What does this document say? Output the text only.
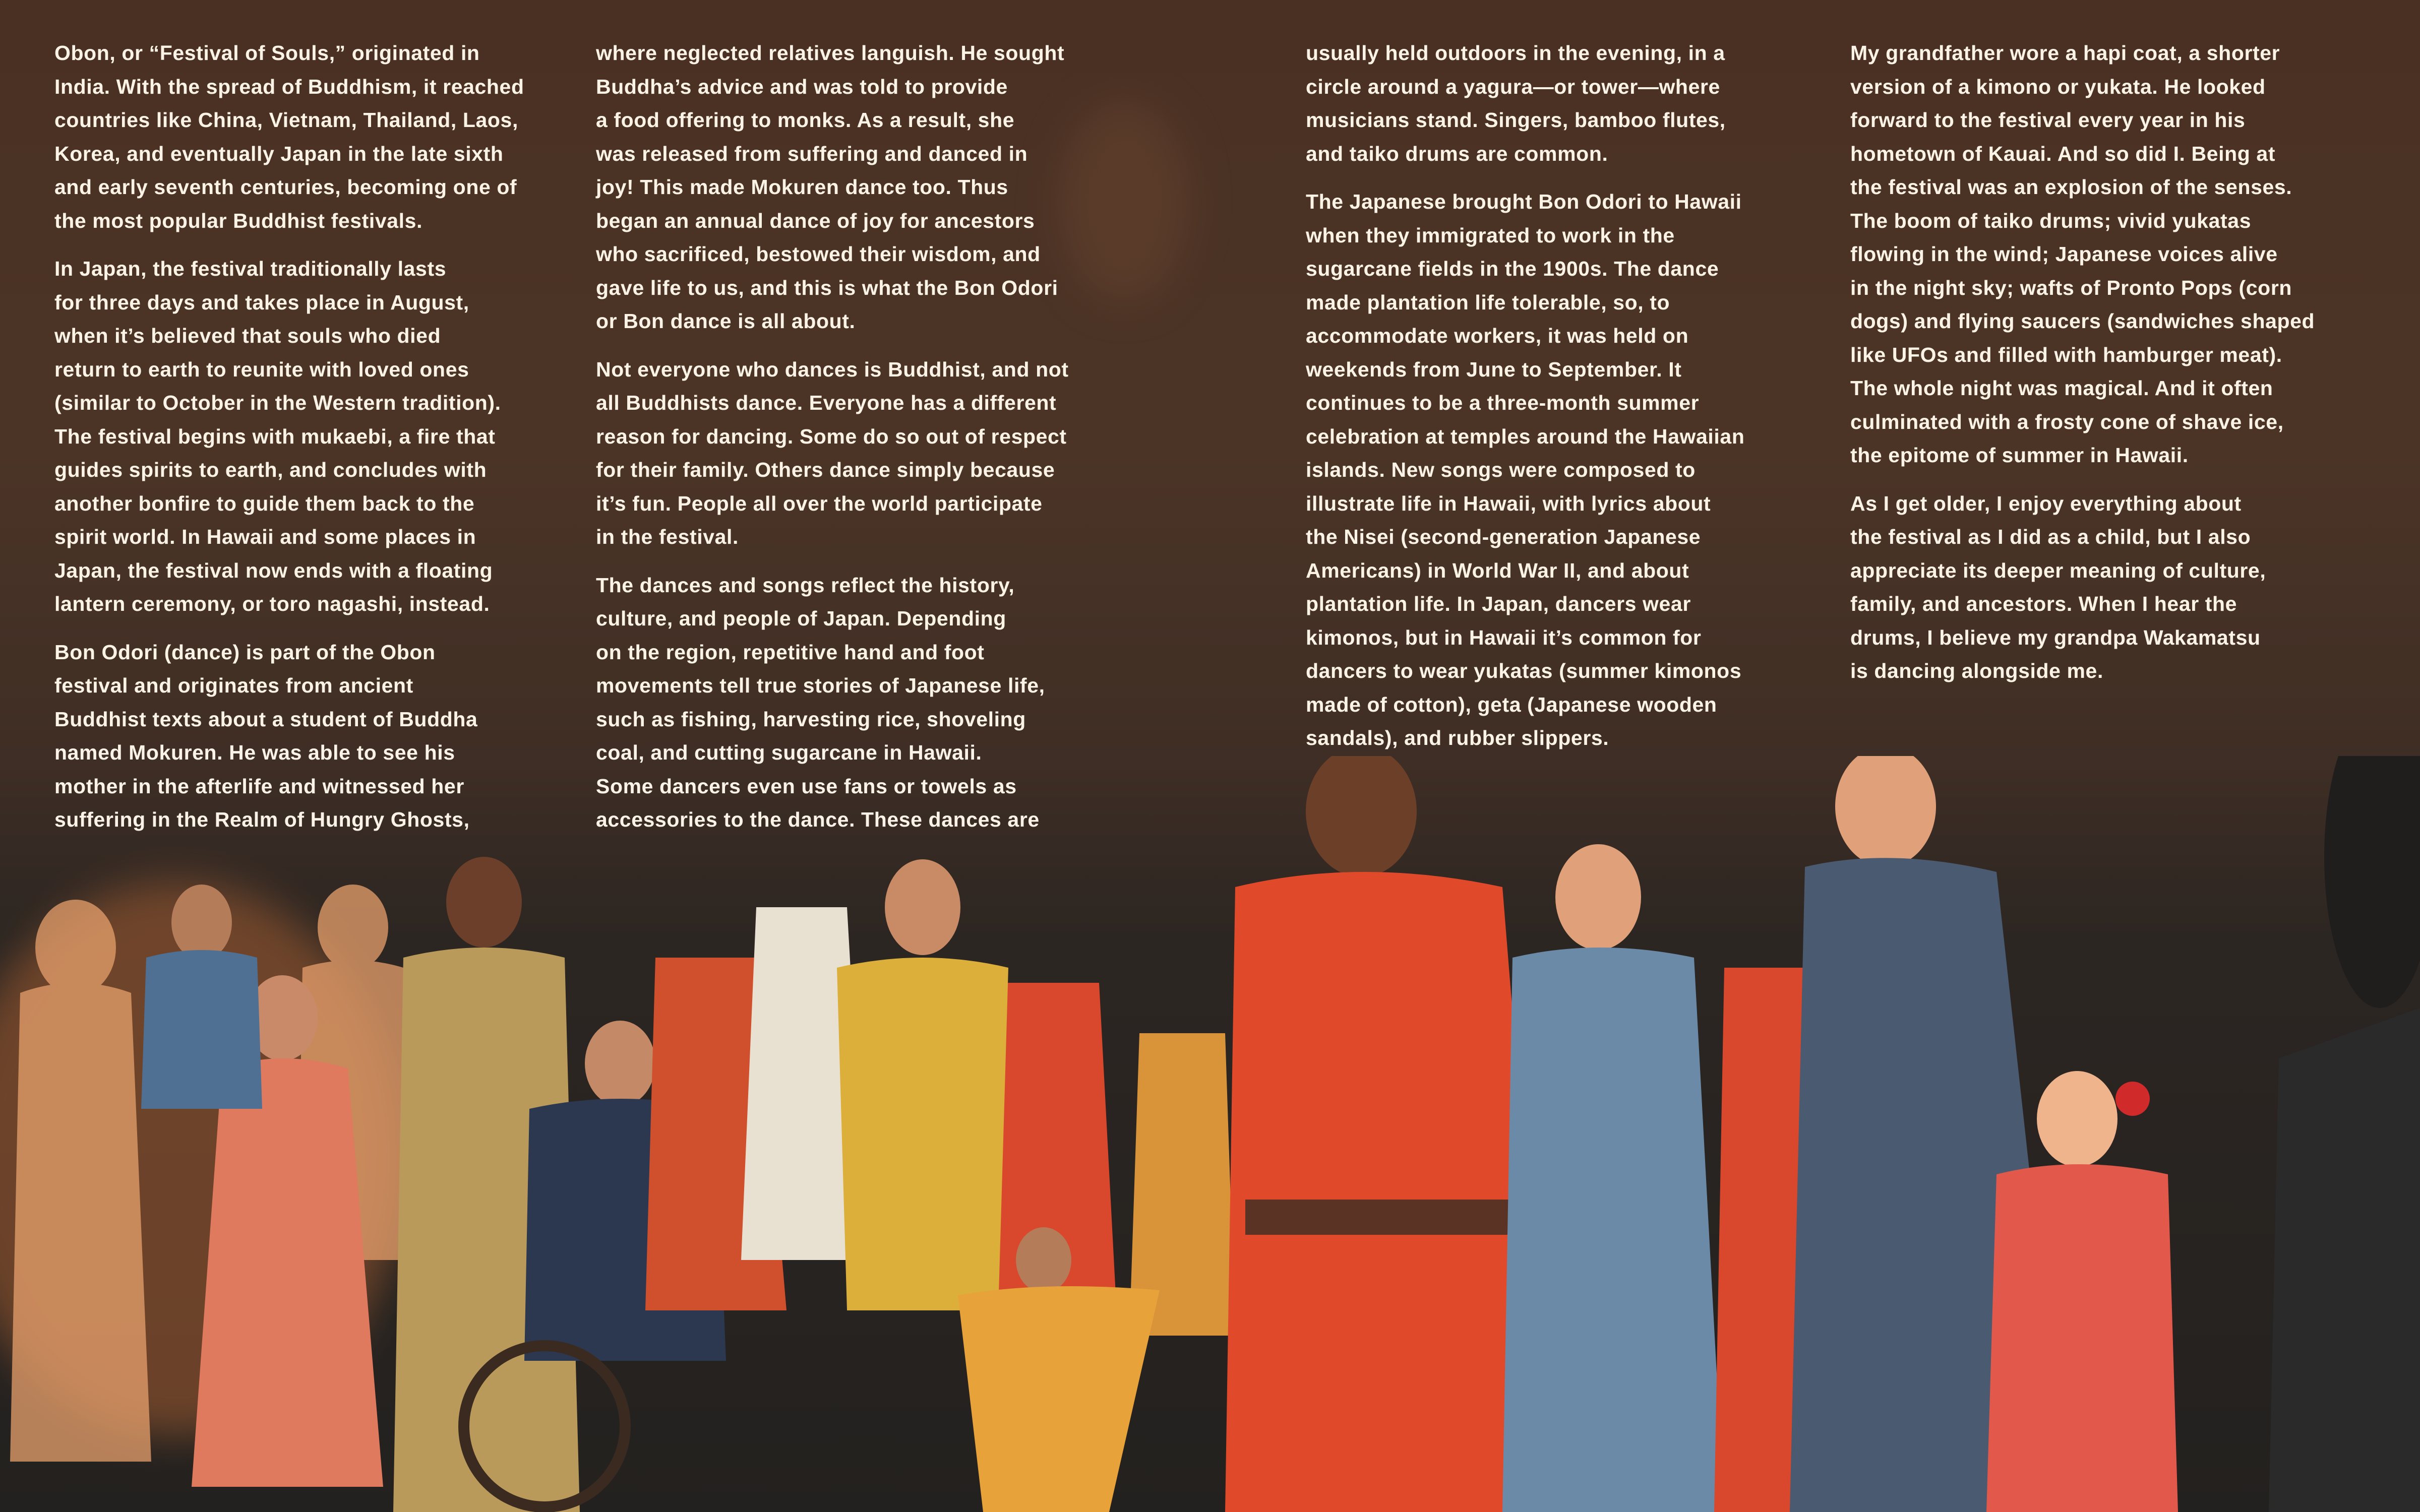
Obon, or “Festival of Souls,” originated in
India. With the spread of Buddhism, it reached
countries like China, Vietnam, Thailand, Laos,
Korea, and eventually Japan in the late sixth
and early seventh centuries, becoming one of
the most popular Buddhist festivals.

In Japan, the festival traditionally lasts
for three days and takes place in August,
when it’s believed that souls who died
return to earth to reunite with loved ones
(similar to October in the Western tradition).
The festival begins with mukaebi, a fire that
guides spirits to earth, and concludes with
another bonfire to guide them back to the
spirit world. In Hawaii and some places in
Japan, the festival now ends with a floating
lantern ceremony, or toro nagashi, instead.

Bon Odori (dance) is part of the Obon
festival and originates from ancient
Buddhist texts about a student of Buddha
named Mokuren. He was able to see his
mother in the afterlife and witnessed her
suffering in the Realm of Hungry Ghosts,

where neglected relatives languish. He sought
Buddha’s advice and was told to provide
a food offering to monks. As a result, she
was released from suffering and danced in
joy! This made Mokuren dance too. Thus
began an annual dance of joy for ancestors
who sacrificed, bestowed their wisdom, and
gave life to us, and this is what the Bon Odori
or Bon dance is all about.

Not everyone who dances is Buddhist, and not
all Buddhists dance. Everyone has a different
reason for dancing. Some do so out of respect
for their family. Others dance simply because
it’s fun. People all over the world participate
in the festival.

The dances and songs reflect the history,
culture, and people of Japan. Depending
on the region, repetitive hand and foot
movements tell true stories of Japanese life,
such as fishing, harvesting rice, shoveling
coal, and cutting sugarcane in Hawaii.
Some dancers even use fans or towels as
accessories to the dance. These dances are

usually held outdoors in the evening, in a
circle around a yagura—or tower—where
musicians stand. Singers, bamboo flutes,
and taiko drums are common.

The Japanese brought Bon Odori to Hawaii
when they immigrated to work in the
sugarcane fields in the 1900s. The dance
made plantation life tolerable, so, to
accommodate workers, it was held on
weekends from June to September. It
continues to be a three-month summer
celebration at temples around the Hawaiian
islands. New songs were composed to
illustrate life in Hawaii, with lyrics about
the Nisei (second-generation Japanese
Americans) in World War II, and about
plantation life. In Japan, dancers wear
kimonos, but in Hawaii it’s common for
dancers to wear yukatas (summer kimonos
made of cotton), geta (Japanese wooden
sandals), and rubber slippers.

My grandfather wore a hapi coat, a shorter
version of a kimono or yukata. He looked
forward to the festival every year in his
hometown of Kauai. And so did I. Being at
the festival was an explosion of the senses.
The boom of taiko drums; vivid yukatas
flowing in the wind; Japanese voices alive
in the night sky; wafts of Pronto Pops (corn
dogs) and flying saucers (sandwiches shaped
like UFOs and filled with hamburger meat).
The whole night was magical. And it often
culminated with a frosty cone of shave ice,
the epitome of summer in Hawaii.

As I get older, I enjoy everything about
the festival as I did as a child, but I also
appreciate its deeper meaning of culture,
family, and ancestors. When I hear the
drums, I believe my grandpa Wakamatsu
is dancing alongside me.
